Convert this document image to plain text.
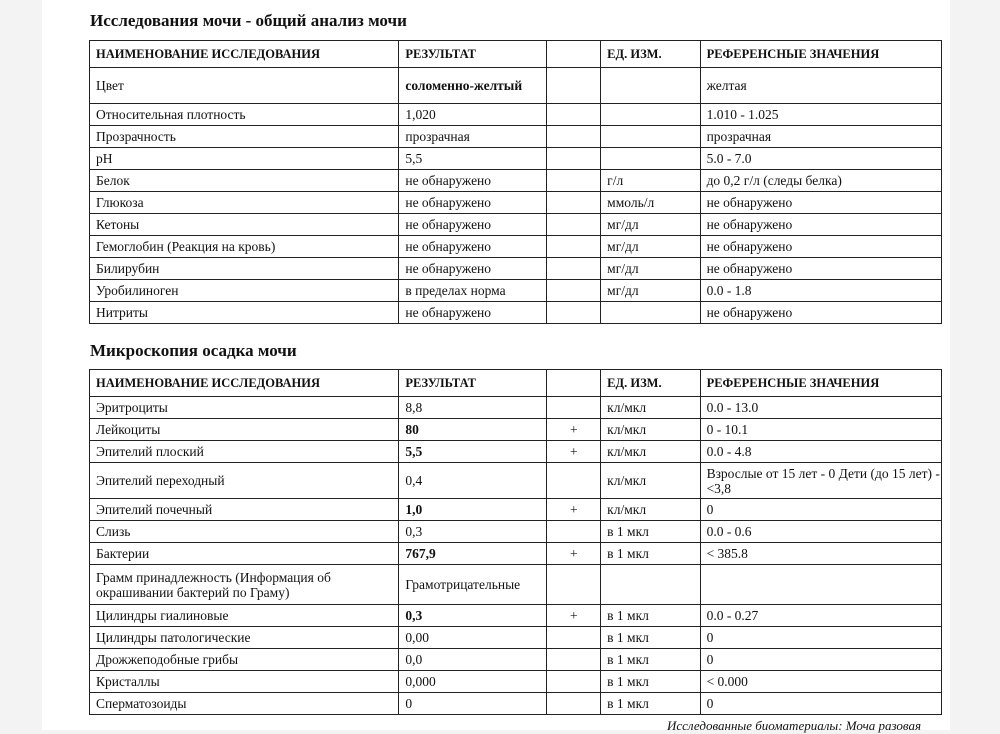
Исследования мочи - общий анализ мочи
НАИМЕНОВАНИЕ ИССЛЕДОВАНИЯ	РЕЗУЛЬТАТ		ЕД. ИЗМ.	РЕФЕРЕНСНЫЕ ЗНАЧЕНИЯ
Цвет	соломенно-желтый			желтая
Относительная плотность	1,020			1.010 - 1.025
Прозрачность	прозрачная			прозрачная
pH	5,5			5.0 - 7.0
Белок	не обнаружено		г/л	до 0,2 г/л (следы белка)
Глюкоза	не обнаружено		ммоль/л	не обнаружено
Кетоны	не обнаружено		мг/дл	не обнаружено
Гемоглобин (Реакция на кровь)	не обнаружено		мг/дл	не обнаружено
Билирубин	не обнаружено		мг/дл	не обнаружено
Уробилиноген	в пределах норма		мг/дл	0.0 - 1.8
Нитриты	не обнаружено			не обнаружено
Микроскопия осадка мочи
НАИМЕНОВАНИЕ ИССЛЕДОВАНИЯ	РЕЗУЛЬТАТ		ЕД. ИЗМ.	РЕФЕРЕНСНЫЕ ЗНАЧЕНИЯ
Эритроциты	8,8		кл/мкл	0.0 - 13.0
Лейкоциты	80	+	кл/мкл	0 - 10.1
Эпителий плоский	5,5	+	кл/мкл	0.0 - 4.8
Эпителий переходный	0,4		кл/мкл	Взрослые от 15 лет - 0 Дети (до 15 лет) - <3,8
Эпителий почечный	1,0	+	кл/мкл	0
Слизь	0,3		в 1 мкл	0.0 - 0.6
Бактерии	767,9	+	в 1 мкл	< 385.8
Грамм принадлежность (Информация об окрашивании бактерий по Граму)	Грамотрицательные			
Цилиндры гиалиновые	0,3	+	в 1 мкл	0.0 - 0.27
Цилиндры патологические	0,00		в 1 мкл	0
Дрожжеподобные грибы	0,0		в 1 мкл	0
Кристаллы	0,000		в 1 мкл	< 0.000
Сперматозоиды	0		в 1 мкл	0
Исследованные биоматериалы: Моча разовая
